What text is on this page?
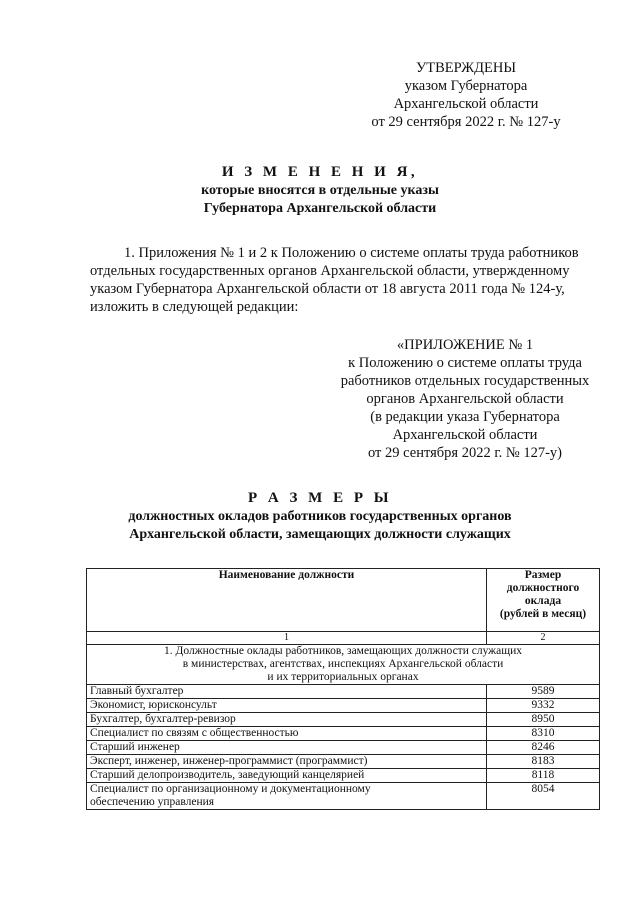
УТВЕРЖДЕНЫ
указом Губернатора
Архангельской области
от 29 сентября 2022 г. № 127-у
И З М Е Н Е Н И Я,
которые вносятся в отдельные указы
Губернатора Архангельской области
1. Приложения № 1 и 2 к Положению о системе оплаты труда работников
отдельных государственных органов Архангельской области, утвержденному
указом Губернатора Архангельской области от 18 августа 2011 года № 124-у,
изложить в следующей редакции:
«ПРИЛОЖЕНИЕ № 1
к Положению о системе оплаты труда
работников отдельных государственных
органов Архангельской области
(в редакции указа Губернатора
Архангельской области
от 29 сентября 2022 г. № 127-у)
Р А З М Е Р Ы
должностных окладов работников государственных органов
Архангельской области, замещающих должности служащих
Наименование должности	Размер
должностного
оклада
(рублей в месяц)

1	2

1. Должностные оклады работников, замещающих должности служащих
в министерствах, агентствах, инспекциях Архангельской области
и их территориальных органах	

Главный бухгалтер	9589
Экономист, юрисконсульт	9332
Бухгалтер, бухгалтер-ревизор	8950
Специалист по связям с общественностью	8310
Старший инженер	8246
Эксперт, инженер, инженер-программист (программист)	8183
Старший делопроизводитель, заведующий канцелярией	8118

Специалист по организационному и документационному
обеспечению управления	8054
